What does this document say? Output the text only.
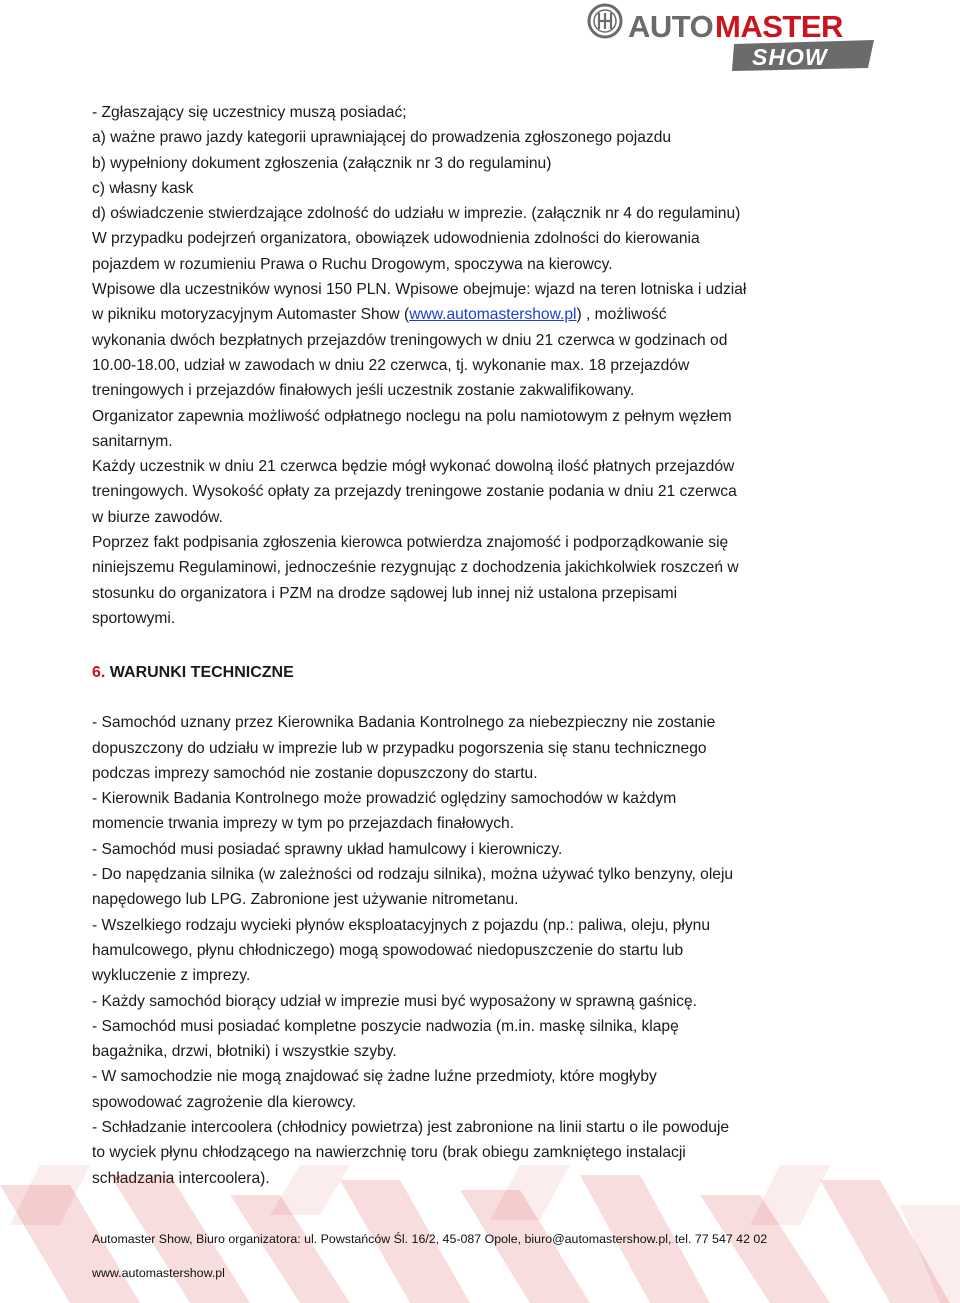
AUTO MASTER
SHOW
- Zgłaszający się uczestnicy muszą posiadać;
a) ważne prawo jazdy kategorii uprawniającej do prowadzenia zgłoszonego pojazdu
b) wypełniony dokument zgłoszenia (załącznik nr 3 do regulaminu)
c) własny kask
d) oświadczenie stwierdzające zdolność do udziału w imprezie. (załącznik nr 4 do regulaminu)
W przypadku podejrzeń organizatora, obowiązek udowodnienia zdolności do kierowania
pojazdem w rozumieniu Prawa o Ruchu Drogowym, spoczywa na kierowcy.
Wpisowe dla uczestników wynosi 150 PLN. Wpisowe obejmuje: wjazd na teren lotniska i udział
w pikniku motoryzacyjnym Automaster Show (www.automastershow.pl) , możliwość
wykonania dwóch bezpłatnych przejazdów treningowych w dniu 21 czerwca w godzinach od
10.00-18.00, udział w zawodach w dniu 22 czerwca, tj. wykonanie max. 18 przejazdów
treningowych i przejazdów finałowych jeśli uczestnik zostanie zakwalifikowany.
Organizator zapewnia możliwość odpłatnego noclegu na polu namiotowym z pełnym węzłem
sanitarnym.
Każdy uczestnik w dniu 21 czerwca będzie mógł wykonać dowolną ilość płatnych przejazdów
treningowych. Wysokość opłaty za przejazdy treningowe zostanie podania w dniu 21 czerwca
w biurze zawodów.
Poprzez fakt podpisania zgłoszenia kierowca potwierdza znajomość i podporządkowanie się
niniejszemu Regulaminowi, jednocześnie rezygnując z dochodzenia jakichkolwiek roszczeń w
stosunku do organizatora i PZM na drodze sądowej lub innej niż ustalona przepisami
sportowymi.
6. WARUNKI TECHNICZNE
- Samochód uznany przez Kierownika Badania Kontrolnego za niebezpieczny nie zostanie
dopuszczony do udziału w imprezie lub w przypadku pogorszenia się stanu technicznego
podczas imprezy samochód nie zostanie dopuszczony do startu.
- Kierownik Badania Kontrolnego może prowadzić oględziny samochodów w każdym
momencie trwania imprezy w tym po przejazdach finałowych.
- Samochód musi posiadać sprawny układ hamulcowy i kierowniczy.
- Do napędzania silnika (w zależności od rodzaju silnika), można używać tylko benzyny, oleju
napędowego lub LPG. Zabronione jest używanie nitrometanu.
- Wszelkiego rodzaju wycieki płynów eksploatacyjnych z pojazdu (np.: paliwa, oleju, płynu
hamulcowego, płynu chłodniczego) mogą spowodować niedopuszczenie do startu lub
wykluczenie z imprezy.
- Każdy samochód biorący udział w imprezie musi być wyposażony w sprawną gaśnicę.
- Samochód musi posiadać kompletne poszycie nadwozia (m.in. maskę silnika, klapę
bagażnika, drzwi, błotniki) i wszystkie szyby.
- W samochodzie nie mogą znajdować się żadne luźne przedmioty, które mogłyby
spowodować zagrożenie dla kierowcy.
- Schładzanie intercoolera (chłodnicy powietrza) jest zabronione na linii startu o ile powoduje
to wyciek płynu chłodzącego na nawierzchnię toru (brak obiegu zamkniętego instalacji
schładzania intercoolera).
Automaster Show, Biuro organizatora: ul. Powstańców Śl. 16/2, 45-087 Opole, biuro@automastershow.pl, tel. 77 547 42 02
www.automastershow.pl
